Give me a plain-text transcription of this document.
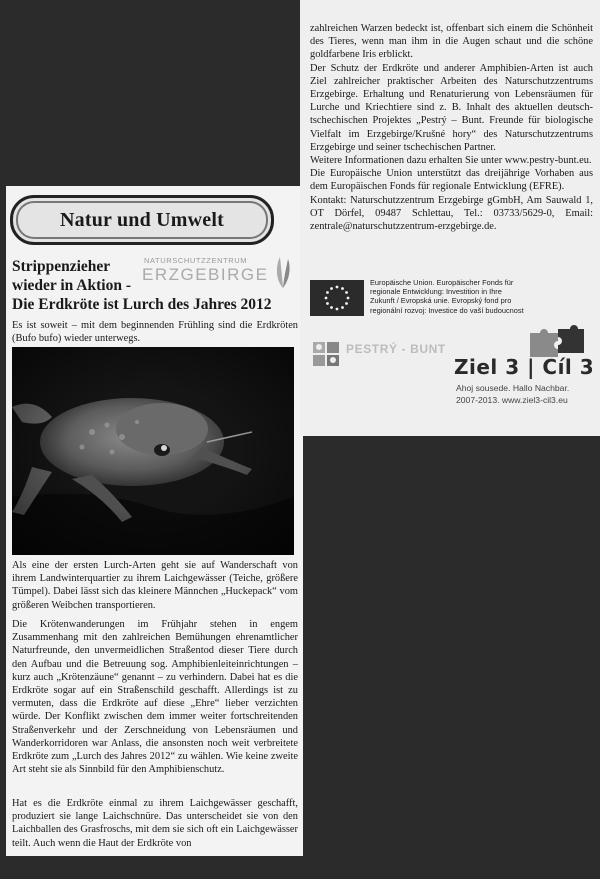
zahlreichen Warzen bedeckt ist, offenbart sich einem die Schönheit des Tieres, wenn man ihm in die Augen schaut und die schöne goldfarbene Iris erblickt.

Der Schutz der Erdkröte und anderer Amphibien-Arten ist auch Ziel zahlreicher praktischer Arbeiten des Naturschutzzentrums Erzgebirge. Erhaltung und Renaturierung von Lebensräumen für Lurche und Kriechtiere sind z. B. Inhalt des aktuellen deutsch-tschechischen Projektes „Pestrý – Bunt. Freunde für biologische Vielfalt im Erzgebirge/Krušné hory“ des Naturschutzzentrums Erzgebirge und seiner tschechischen Partner.

Weitere Informationen dazu erhalten Sie unter www.pestry-bunt.eu.

Die Europäische Union unterstützt das dreijährige Vorhaben aus dem Europäischen Fonds für regionale Entwicklung (EFRE).

Kontakt: Naturschutzzentrum Erzgebirge gGmbH, Am Sauwald 1, OT Dörfel, 09487 Schlettau, Tel.: 03733/5629-0, Email: zentrale@naturschutzzentrum-erzgebirge.de.

Europäische Union. Europäischer Fonds für
regionale Entwicklung: Investition in Ihre
Zukunft / Evropská unie. Evropský fond pro
regionální rozvoj: Investice do vaší budoucnost
PESTRÝ - BUNT
Ziel 3 | Cíl 3
Ahoj sousede. Hallo Nachbar.
2007-2013. www.ziel3-cil3.eu
Natur und Umwelt
Strippenzieher
wieder in Aktion -
Die Erdkröte ist Lurch des Jahres 2012
NATURSCHUTZZENTRUM
ERZGEBIRGE
Es ist soweit – mit dem beginnenden Frühling sind die Erdkröten (Bufo bufo) wieder unterwegs.
Als eine der ersten Lurch-Arten geht sie auf Wanderschaft von ihrem Landwinterquartier zu ihrem Laichgewässer (Teiche, größere Tümpel). Dabei lässt sich das kleinere Männchen „Huckepack“ vom größeren Weibchen transportieren.
Die Krötenwanderungen im Frühjahr stehen in engem Zusammenhang mit den zahlreichen Bemühungen ehrenamtlicher Naturfreunde, den unvermeidlichen Straßentod dieser Tiere durch den Aufbau und die Betreuung sog. Amphibienleiteinrichtungen – kurz auch „Krötenzäune“ genannt – zu verhindern. Dabei hat es die Erdkröte sogar auf ein Straßenschild geschafft. Allerdings ist zu vermuten, dass die Erdkröte auf diese „Ehre“ lieber verzichten würde. Der Konflikt zwischen dem immer weiter fortschreitenden Straßenverkehr und der Zerschneidung von Lebensräumen und Wanderkorridoren war Anlass, die ansonsten noch weit verbreitete Erdkröte zum „Lurch des Jahres 2012“ zu wählen. Wie keine zweite Art steht sie als Sinnbild für den Amphibienschutz.
Hat es die Erdkröte einmal zu ihrem Laichgewässer geschafft, produziert sie lange Laichschnüre. Das unterscheidet sie von den Laichballen des Grasfroschs, mit dem sie sich oft ein Laichgewässer teilt. Auch wenn die Haut der Erdkröte von
